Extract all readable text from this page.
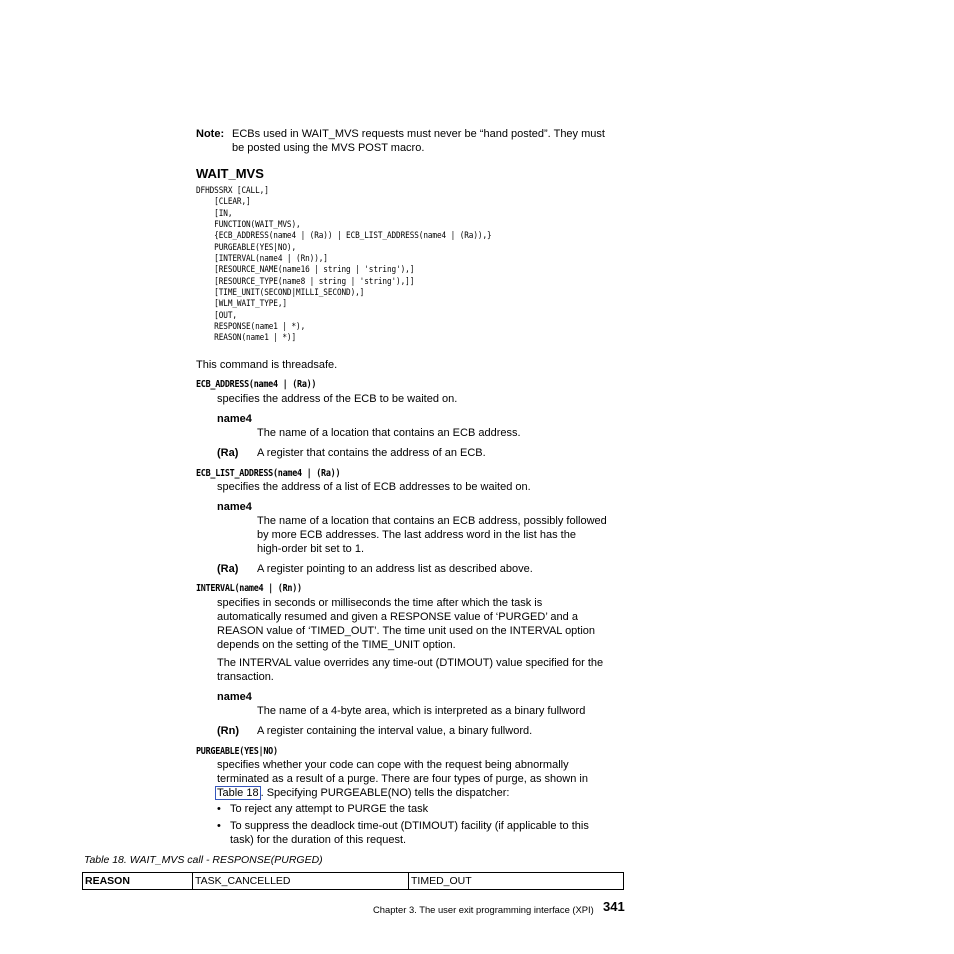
Note: ECBs used in WAIT_MVS requests must never be “hand posted”. They must
be posted using the MVS POST macro.
WAIT_MVS
DFHDSSRX [CALL,]
[CLEAR,]
[IN,
FUNCTION(WAIT_MVS),
{ECB_ADDRESS(name4 | (Ra)) | ECB_LIST_ADDRESS(name4 | (Ra)),}
PURGEABLE(YES|NO),
[INTERVAL(name4 | (Rn)),]
[RESOURCE_NAME(name16 | string | 'string'),]
[RESOURCE_TYPE(name8 | string | 'string'),]]
[TIME_UNIT(SECOND|MILLI_SECOND),]
[WLM_WAIT_TYPE,]
[OUT,
RESPONSE(name1 | *),
REASON(name1 | *)]
This command is threadsafe.
ECB_ADDRESS(name4 | (Ra))
specifies the address of the ECB to be waited on.
name4
The name of a location that contains an ECB address.
(Ra) A register that contains the address of an ECB.
ECB_LIST_ADDRESS(name4 | (Ra))
specifies the address of a list of ECB addresses to be waited on.
name4
The name of a location that contains an ECB address, possibly followed
by more ECB addresses. The last address word in the list has the
high-order bit set to 1.
(Ra) A register pointing to an address list as described above.
INTERVAL(name4 | (Rn))
specifies in seconds or milliseconds the time after which the task is
automatically resumed and given a RESPONSE value of ‘PURGED’ and a
REASON value of ‘TIMED_OUT’. The time unit used on the INTERVAL option
depends on the setting of the TIME_UNIT option.
The INTERVAL value overrides any time-out (DTIMOUT) value specified for the
transaction.
name4
The name of a 4-byte area, which is interpreted as a binary fullword
(Rn) A register containing the interval value, a binary fullword.
PURGEABLE(YES|NO)
specifies whether your code can cope with the request being abnormally
terminated as a result of a purge. There are four types of purge, as shown in
Table 18 . Specifying PURGEABLE(NO) tells the dispatcher:
• To reject any attempt to PURGE the task
• To suppress the deadlock time-out (DTIMOUT) facility (if applicable to this
task) for the duration of this request.
Table 18. WAIT_MVS call - RESPONSE(PURGED)
REASON	TASK_CANCELLED	TIMED_OUT
Chapter 3. The user exit programming interface (XPI) 341
